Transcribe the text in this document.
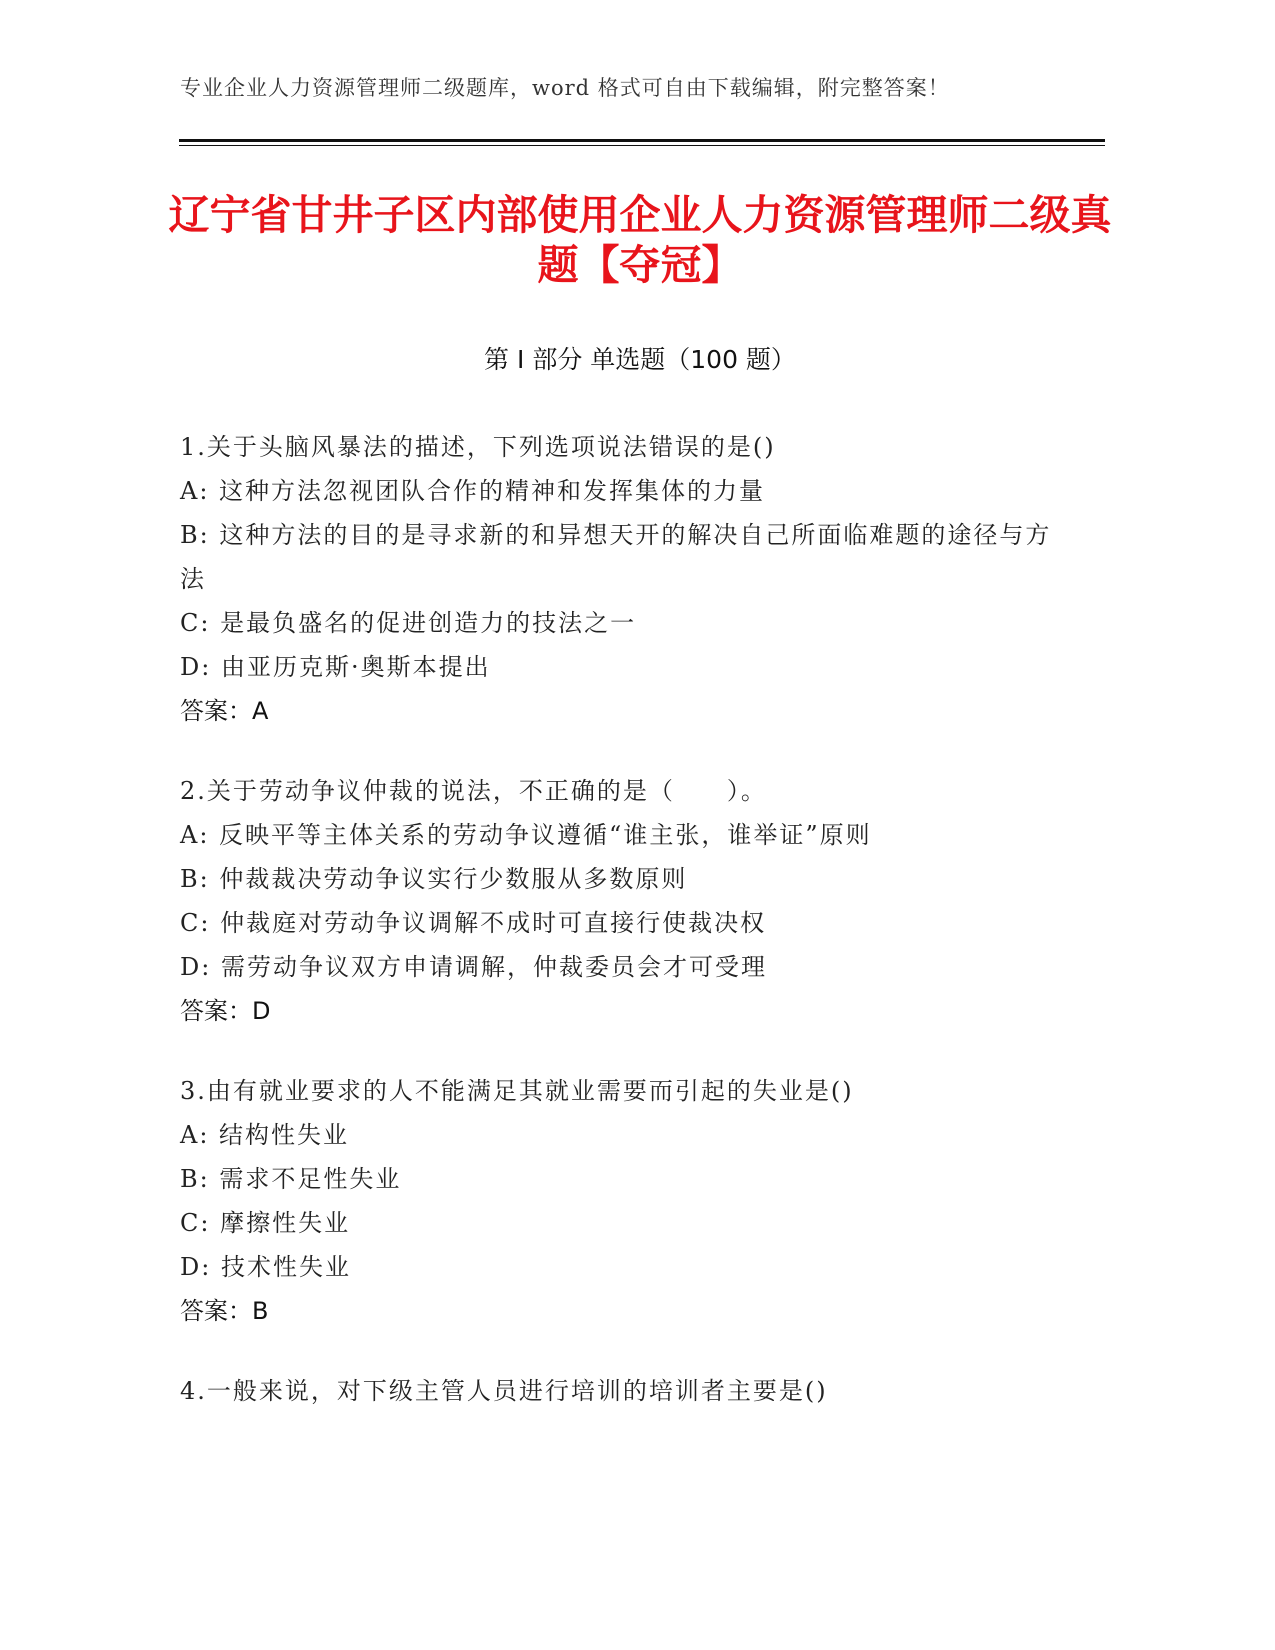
专业企业人力资源管理师二级题库，word 格式可自由下载编辑，附完整答案！
辽宁省甘井子区内部使用企业人力资源管理师二级真题【夺冠】
第 I 部分 单选题（100 题）
1.关于头脑风暴法的描述，下列选项说法错误的是()
A: 这种方法忽视团队合作的精神和发挥集体的力量
B: 这种方法的目的是寻求新的和异想天开的解决自己所面临难题的途径与方法
C: 是最负盛名的促进创造力的技法之一
D: 由亚历克斯·奥斯本提出
答案：A
2.关于劳动争议仲裁的说法，不正确的是（　　）。
A: 反映平等主体关系的劳动争议遵循“谁主张，谁举证”原则
B: 仲裁裁决劳动争议实行少数服从多数原则
C: 仲裁庭对劳动争议调解不成时可直接行使裁决权
D: 需劳动争议双方申请调解，仲裁委员会才可受理
答案：D
3.由有就业要求的人不能满足其就业需要而引起的失业是()
A: 结构性失业
B: 需求不足性失业
C: 摩擦性失业
D: 技术性失业
答案：B
4.一般来说，对下级主管人员进行培训的培训者主要是()
